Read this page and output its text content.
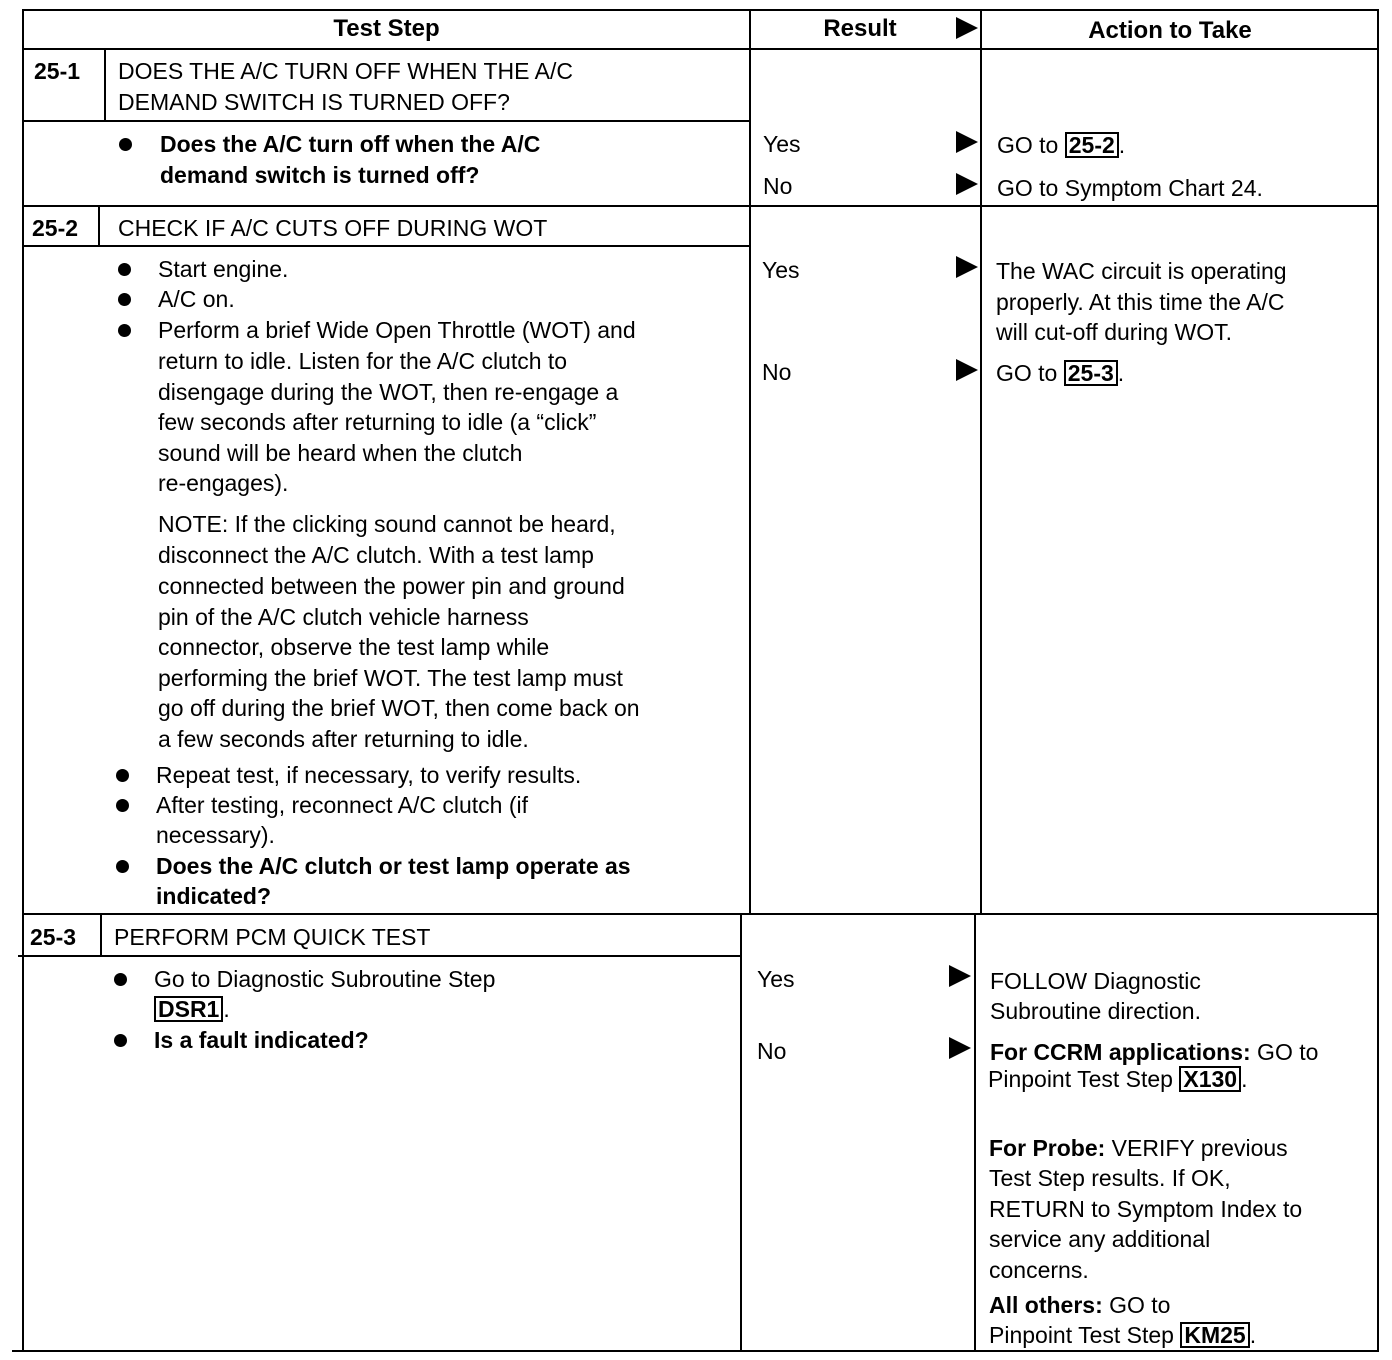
Test Step	Result	Action to Take
25-1 DOES THE A/C TURN OFF WHEN THE A/C
DEMAND SWITCH IS TURNED OFF?
Does the A/C turn off when the A/C
demand switch is turned off?
Yes	GO to 25-2 .
No	GO to Symptom Chart 24.
25-2 CHECK IF A/C CUTS OFF DURING WOT
Start engine.
A/C on.
Perform a brief Wide Open Throttle (WOT) and
return to idle. Listen for the A/C clutch to
disengage during the WOT, then re-engage a
few seconds after returning to idle (a “click”
sound will be heard when the clutch
re-engages).
NOTE: If the clicking sound cannot be heard,
disconnect the A/C clutch. With a test lamp
connected between the power pin and ground
pin of the A/C clutch vehicle harness
connector, observe the test lamp while
performing the brief WOT. The test lamp must
go off during the brief WOT, then come back on
a few seconds after returning to idle.
Repeat test, if necessary, to verify results.
After testing, reconnect A/C clutch (if
necessary).
Does the A/C clutch or test lamp operate as
indicated?
Yes	The WAC circuit is operating
properly. At this time the A/C
will cut-off during WOT.
No	GO to 25-3 .
25-3 PERFORM PCM QUICK TEST
Go to Diagnostic Subroutine Step
DSR1 .
Is a fault indicated?
Yes	FOLLOW Diagnostic
Subroutine direction.
No	For CCRM applications: GO to
Pinpoint Test Step X130 .
For Probe: VERIFY previous
Test Step results. If OK,
RETURN to Symptom Index to
service any additional
concerns.
All others: GO to
Pinpoint Test Step KM25 .
